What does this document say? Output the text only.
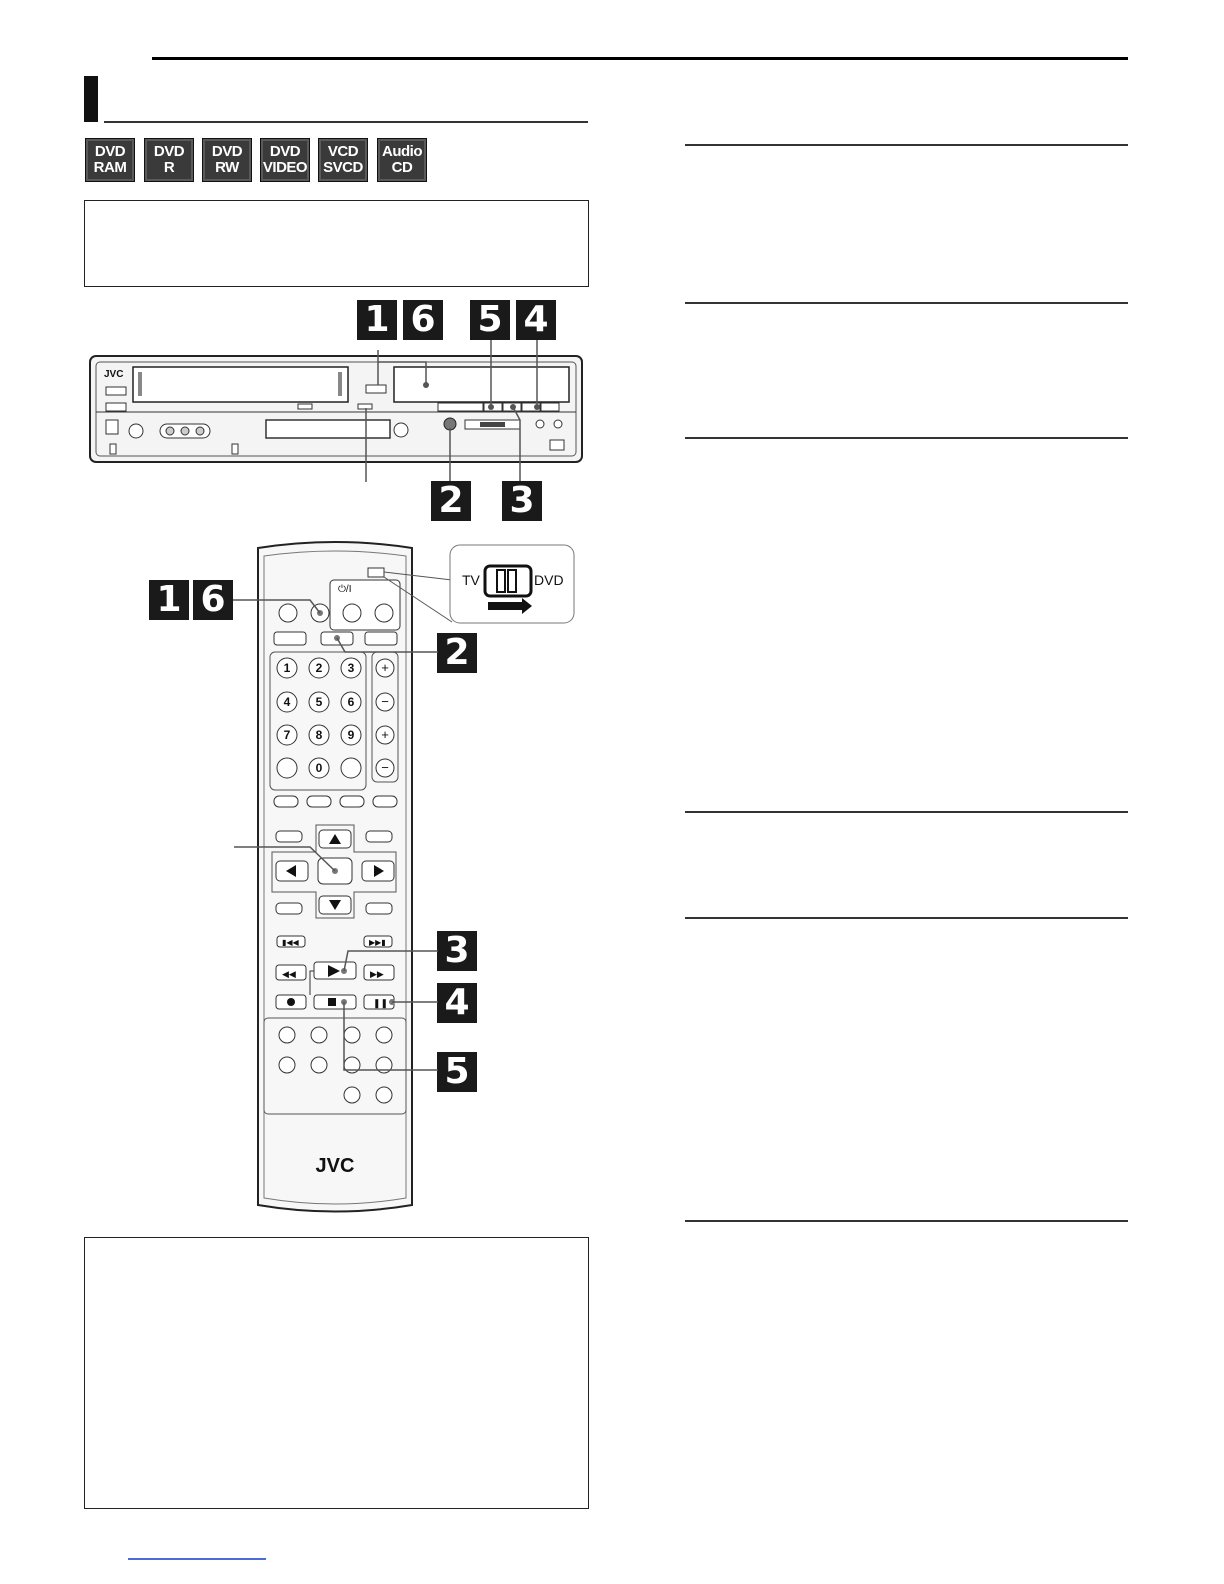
DVD
RAM
DVD
R
DVD
RW
DVD
VIDEO
VCD
SVCD
Audio
CD
1 6 5 4
JVC
2 3
1 6
2
3
4
5
⏻/I
1 2 3
4 5 6
7 8 9
0
+
−
+
−
▮◀◀	▶▶▮
◀◀	▶▶
❚❚
JVC
TV	DVD
